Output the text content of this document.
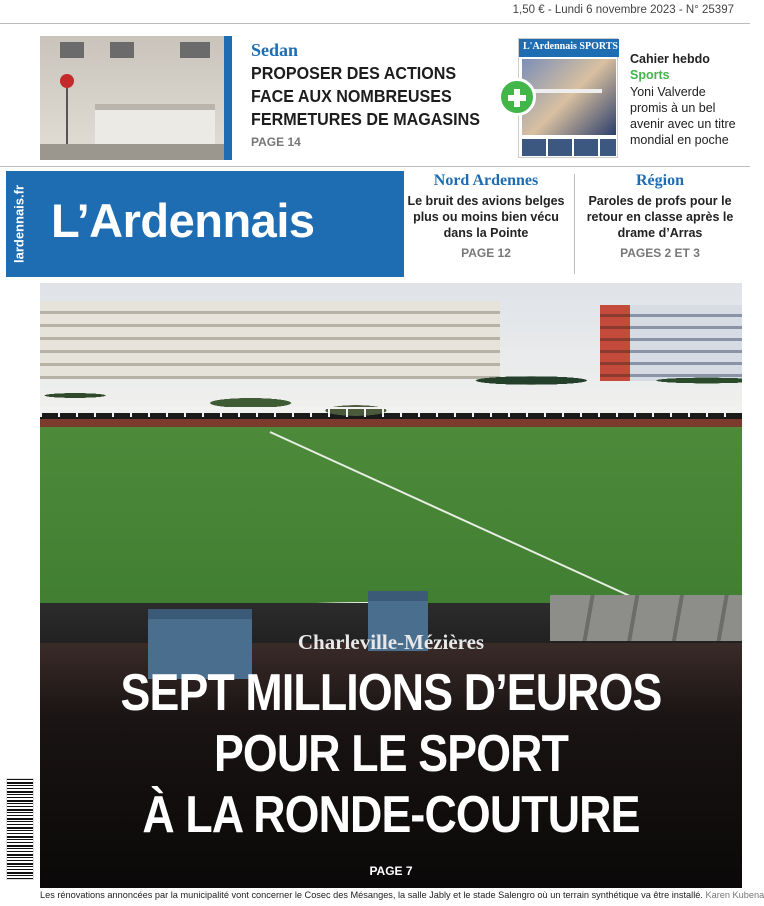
1,50 € - Lundi 6 novembre 2023 - N° 25397
Sedan
PROPOSER DES ACTIONS FACE AUX NOMBREUSES FERMETURES DE MAGASINS
PAGE 14
L'Ardennais SPORTS
Cahier hebdo
Sports
Yoni Valverde promis à un bel avenir avec un titre mondial en poche
lardennais.fr L’Ardennais
Nord Ardennes
Le bruit des avions belges plus ou moins bien vécu dans la Pointe
PAGE 12
Région
Paroles de profs pour le retour en classe après le drame d’Arras
PAGES 2 ET 3
Charleville-Mézières
SEPT MILLIONS D’EUROS
POUR LE SPORT
À LA RONDE-COUTURE
PAGE 7
Les rénovations annoncées par la municipalité vont concerner le Cosec des Mésanges, la salle Jably et le stade Salengro où un terrain synthétique va être installé. Karen Kubena
